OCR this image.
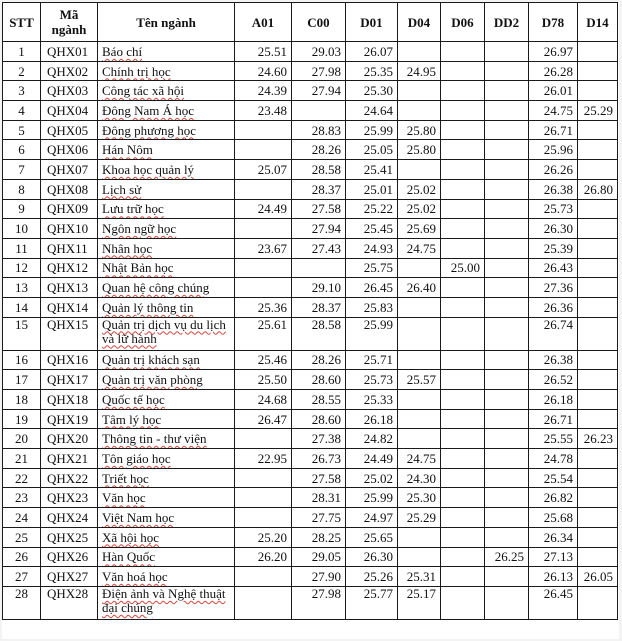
STT	Mã ngành	Tên ngành	A01	C00	D01	D04	D06	DD2	D78	D14
1	QHX01	Báo chí	25.51	29.03	26.07				26.97	
2	QHX02	Chính trị học	24.60	27.98	25.35	24.95			26.28	
3	QHX03	Công tác xã hội	24.39	27.94	25.30				26.01	
4	QHX04	Đông Nam Á học	23.48		24.64				24.75	25.29
5	QHX05	Đông phương học		28.83	25.99	25.80			26.71	
6	QHX06	Hán Nôm		28.26	25.05	25.80			25.96	
7	QHX07	Khoa học quản lý	25.07	28.58	25.41				26.26	
8	QHX08	Lịch sử		28.37	25.01	25.02			26.38	26.80
9	QHX09	Lưu trữ học	24.49	27.58	25.22	25.02			25.73	
10	QHX10	Ngôn ngữ học		27.94	25.45	25.69			26.30	
11	QHX11	Nhân học	23.67	27.43	24.93	24.75			25.39	
12	QHX12	Nhật Bản học			25.75		25.00		26.43	
13	QHX13	Quan hệ công chúng		29.10	26.45	26.40			27.36	
14	QHX14	Quản lý thông tin	25.36	28.37	25.83				26.36	
15	QHX15	Quản trị dịch vụ du lịch và lữ hành	25.61	28.58	25.99				26.74	
16	QHX16	Quản trị khách sạn	25.46	28.26	25.71				26.38	
17	QHX17	Quản trị văn phòng	25.50	28.60	25.73	25.57			26.52	
18	QHX18	Quốc tế học	24.68	28.55	25.33				26.18	
19	QHX19	Tâm lý học	26.47	28.60	26.18				26.71	
20	QHX20	Thông tin - thư viện		27.38	24.82				25.55	26.23
21	QHX21	Tôn giáo học	22.95	26.73	24.49	24.75			24.78	
22	QHX22	Triết học		27.58	25.02	24.30			25.54	
23	QHX23	Văn học		28.31	25.99	25.30			26.82	
24	QHX24	Việt Nam học		27.75	24.97	25.29			25.68	
25	QHX25	Xã hội học	25.20	28.25	25.65				26.34	
26	QHX26	Hàn Quốc	26.20	29.05	26.30			26.25	27.13	
27	QHX27	Văn hoá học		27.90	25.26	25.31			26.13	26.05
28	QHX28	Điện ảnh và Nghệ thuật đại chúng		27.98	25.77	25.17			26.45	
